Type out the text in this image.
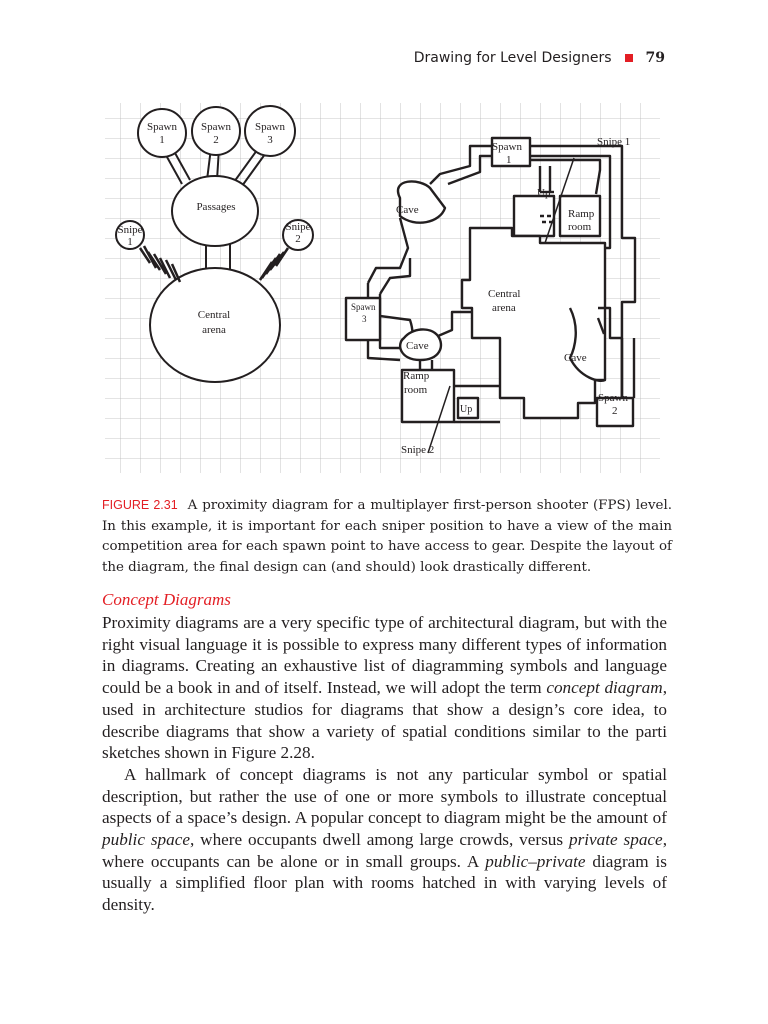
Drawing for Level Designers 79
Spawn
1
Spawn
2
Spawn
3
Passages
Snipe
1
Snipe
2
Central
arena
Spawn
1
Snipe 1
Up
Ramp
room
Cave
Central
arena
Spawn
3
Cave
Cave
Ramp
room
Up
Spawn
2
Snipe 2
FIGURE 2.31 A proximity diagram for a multiplayer first-person shooter (FPS) level. In this example, it is important for each sniper position to have a view of the main competition area for each spawn point to have access to gear. Despite the layout of the diagram, the final design can (and should) look drastically different.
Concept Diagrams

Proximity diagrams are a very specific type of architectural diagram, but with the right visual language it is possible to express many different types of information in diagrams. Creating an exhaustive list of diagramming symbols and language could be a book in and of itself. Instead, we will adopt the term concept diagram, used in architecture studios for diagrams that show a design’s core idea, to describe diagrams that show a variety of spatial conditions similar to the parti sketches shown in Figure 2.28.

A hallmark of concept diagrams is not any particular symbol or spatial description, but rather the use of one or more symbols to illustrate conceptual aspects of a space’s design. A popular concept to diagram might be the amount of public space, where occupants dwell among large crowds, versus private space, where occupants can be alone or in small groups. A public–private diagram is usually a simplified floor plan with rooms hatched in with varying levels of density.
